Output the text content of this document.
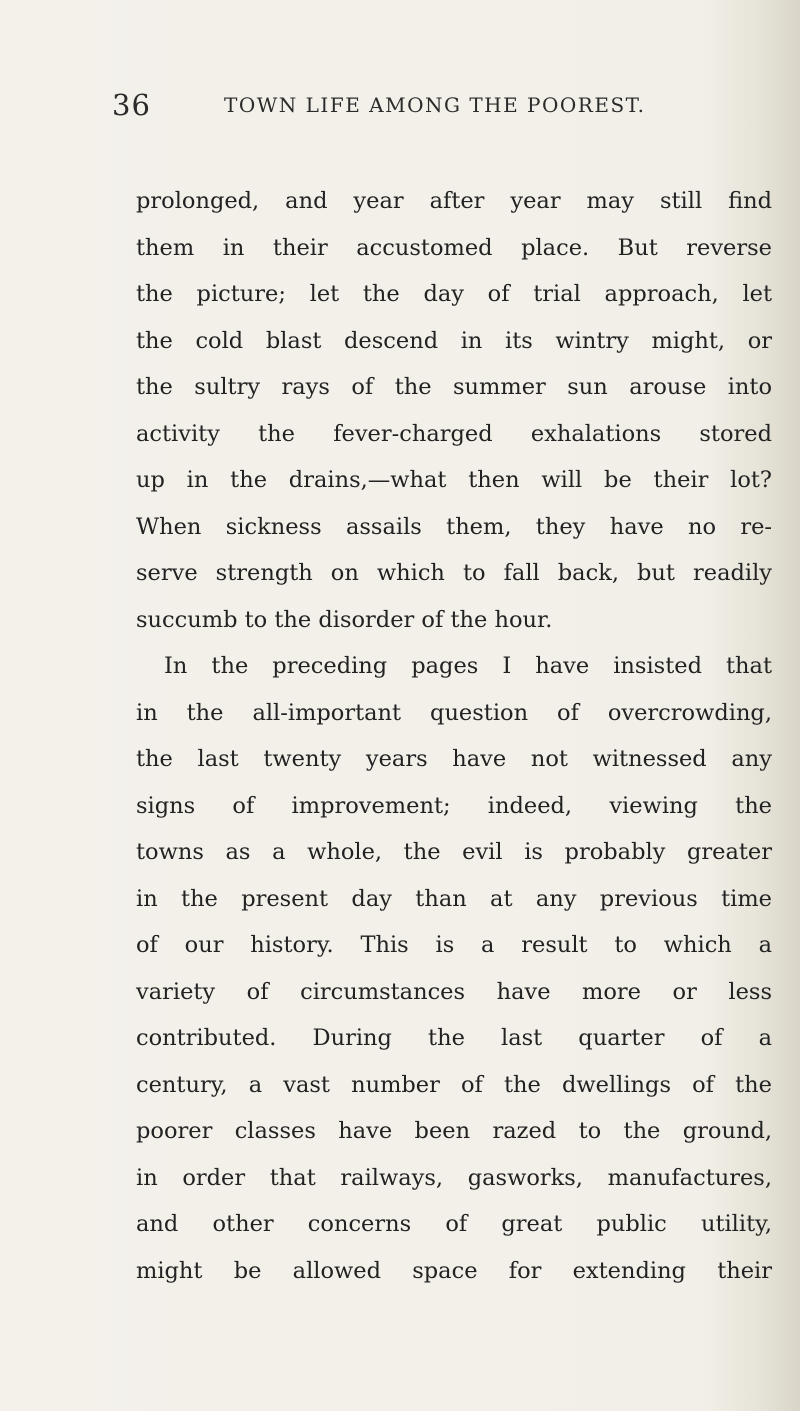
36	TOWN LIFE AMONG THE POOREST.
prolonged, and year after year may still find
them in their accustomed place. But reverse
the picture; let the day of trial approach, let
the cold blast descend in its wintry might, or
the sultry rays of the summer sun arouse into
activity the fever-charged exhalations stored
up in the drains,—what then will be their lot?
When sickness assails them, they have no re-
serve strength on which to fall back, but readily
succumb to the disorder of the hour.
In the preceding pages I have insisted that
in the all-important question of overcrowding,
the last twenty years have not witnessed any
signs of improvement; indeed, viewing the
towns as a whole, the evil is probably greater
in the present day than at any previous time
of our history. This is a result to which a
variety of circumstances have more or less
contributed. During the last quarter of a
century, a vast number of the dwellings of the
poorer classes have been razed to the ground,
in order that railways, gasworks, manufactures,
and other concerns of great public utility,
might be allowed space for extending their
